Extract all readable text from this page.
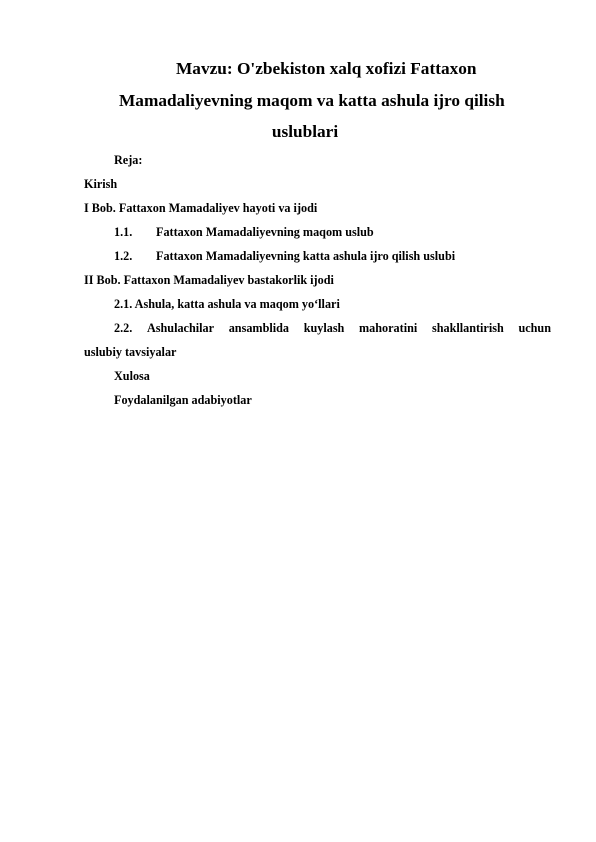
Mavzu: O'zbekiston xalq xofizi Fattaxon
Mamadaliyevning maqom va katta ashula ijro qilish
uslublari
Reja:
Kirish
I Bob. Fattaxon Mamadaliyev hayoti va ijodi
1.1. Fattaxon Mamadaliyevning maqom uslub
1.2. Fattaxon Mamadaliyevning katta ashula ijro qilish uslubi
II Bob. Fattaxon Mamadaliyev bastakorlik ijodi
2.1. Ashula, katta ashula va maqom yo‘llari
2.2. Ashulachilar ansamblida kuylash mahoratini shakllantirish uchun
uslubiy tavsiyalar
Xulosa
Foydalanilgan adabiyotlar
